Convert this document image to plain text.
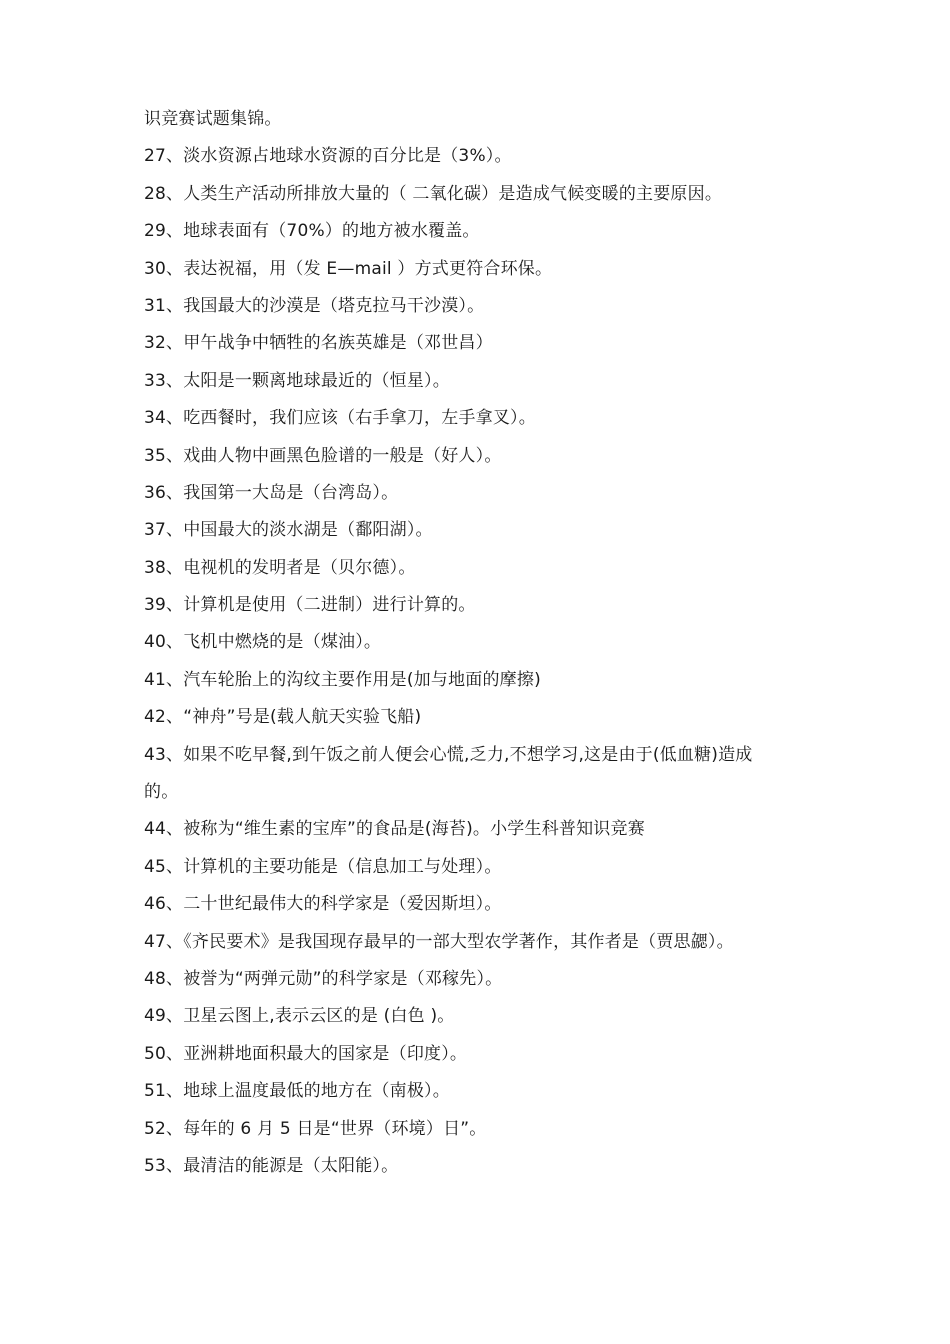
识竞赛试题集锦。
27、淡水资源占地球水资源的百分比是（3%）。
28、人类生产活动所排放大量的（ 二氧化碳）是造成气候变暖的主要原因。
29、地球表面有（70%）的地方被水覆盖。
30、表达祝福，用（发 E—mail ）方式更符合环保。
31、我国最大的沙漠是（塔克拉马干沙漠）。
32、甲午战争中牺牲的名族英雄是（邓世昌）
33、太阳是一颗离地球最近的（恒星）。
34、吃西餐时，我们应该（右手拿刀，左手拿叉）。
35、戏曲人物中画黑色脸谱的一般是（好人）。
36、我国第一大岛是（台湾岛）。
37、中国最大的淡水湖是（鄱阳湖）。
38、电视机的发明者是（贝尔德）。
39、计算机是使用（二进制）进行计算的。
40、飞机中燃烧的是（煤油）。
41、汽车轮胎上的沟纹主要作用是(加与地面的摩擦)
42、“神舟”号是(载人航天实验飞船)
43、如果不吃早餐,到午饭之前人便会心慌,乏力,不想学习,这是由于(低血糖)造成
的。
44、被称为“维生素的宝库”的食品是(海苔)。小学生科普知识竞赛
45、计算机的主要功能是（信息加工与处理）。
46、二十世纪最伟大的科学家是（爱因斯坦）。
47、《齐民要术》是我国现存最早的一部大型农学著作，其作者是（贾思勰）。
48、被誉为“两弹元勋”的科学家是（邓稼先）。
49、卫星云图上,表示云区的是 (白色 )。
50、亚洲耕地面积最大的国家是（印度）。
51、地球上温度最低的地方在（南极）。
52、每年的 6 月 5 日是“世界（环境）日”。
53、最清洁的能源是（太阳能）。
